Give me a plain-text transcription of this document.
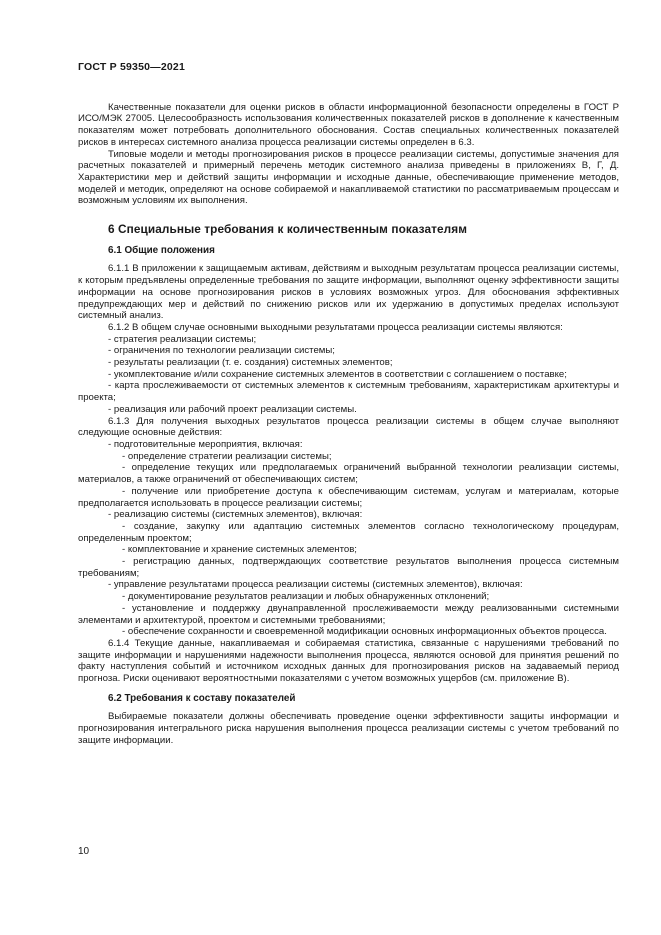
ГОСТ Р 59350—2021

Качественные показатели для оценки рисков в области информационной безопасности определены в ГОСТ Р ИСО/МЭК 27005. Целесообразность использования количественных показателей рисков в дополнение к качественным показателям может потребовать дополнительного обоснования. Состав специальных количественных показателей рисков в интересах системного анализа процесса реализации системы определен в 6.3.

Типовые модели и методы прогнозирования рисков в процессе реализации системы, допустимые значения для расчетных показателей и примерный перечень методик системного анализа приведены в приложениях В, Г, Д. Характеристики мер и действий защиты информации и исходные данные, обеспечивающие применение методов, моделей и методик, определяют на основе собираемой и накапливаемой статистики по рассматриваемым процессам и возможным условиям их выполнения.

6 Специальные требования к количественным показателям
6.1 Общие положения

6.1.1 В приложении к защищаемым активам, действиям и выходным результатам процесса реализации системы, к которым предъявлены определенные требования по защите информации, выполняют оценку эффективности защиты информации на основе прогнозирования рисков в условиях возможных угроз. Для обоснования эффективных предупреждающих мер и действий по снижению рисков или их удержанию в допустимых пределах используют системный анализ.

6.1.2 В общем случае основными выходными результатами процесса реализации системы являются:

- стратегия реализации системы;

- ограничения по технологии реализации системы;

- результаты реализации (т. е. создания) системных элементов;

- укомплектование и/или сохранение системных элементов в соответствии с соглашением о поставке;

- карта прослеживаемости от системных элементов к системным требованиям, характеристикам архитектуры и проекта;

- реализация или рабочий проект реализации системы.

6.1.3 Для получения выходных результатов процесса реализации системы в общем случае выполняют следующие основные действия:

- подготовительные мероприятия, включая:

- определение стратегии реализации системы;

- определение текущих или предполагаемых ограничений выбранной технологии реализации системы, материалов, а также ограничений от обеспечивающих систем;

- получение или приобретение доступа к обеспечивающим системам, услугам и материалам, которые предполагается использовать в процессе реализации системы;

- реализацию системы (системных элементов), включая:

- создание, закупку или адаптацию системных элементов согласно технологическому процедурам, определенным проектом;

- комплектование и хранение системных элементов;

- регистрацию данных, подтверждающих соответствие результатов выполнения процесса системным требованиям;

- управление результатами процесса реализации системы (системных элементов), включая:

- документирование результатов реализации и любых обнаруженных отклонений;

- установление и поддержку двунаправленной прослеживаемости между реализованными системными элементами и архитектурой, проектом и системными требованиями;

- обеспечение сохранности и своевременной модификации основных информационных объектов процесса.

6.1.4 Текущие данные, накапливаемая и собираемая статистика, связанные с нарушениями требований по защите информации и нарушениями надежности выполнения процесса, являются основой для принятия решений по факту наступления событий и источником исходных данных для прогнозирования рисков на задаваемый период прогноза. Риски оценивают вероятностными показателями с учетом возможных ущербов (см. приложение В).

6.2 Требования к составу показателей

Выбираемые показатели должны обеспечивать проведение оценки эффективности защиты информации и прогнозирования интегрального риска нарушения выполнения процесса реализации системы с учетом требований по защите информации.

10
